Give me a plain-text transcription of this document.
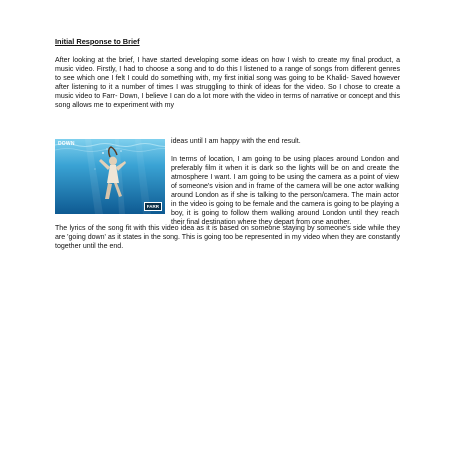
Initial Response to Brief
After looking at the brief, I have started developing some ideas on how I wish to create my final product, a music video. Firstly, I had to choose a song and to do this I listened to a range of songs from different genres to see which one I felt I could do something with, my first initial song was going to be Khalid- Saved however after listening to it a number of times I was struggling to think of ideas for the video. So I chose to create a music video to Farr- Down, I believe I can do a lot more with the video in terms of narrative or concept and this song allows me to experiment with my
ideas until I am happy with the end result.
DOWN
FARR
In terms of location, I am going to be using places around London and preferably film it when it is dark so the lights will be on and create the atmosphere I want. I am going to be using the camera as a point of view of someone's vision and in frame of the camera will be one actor walking around London as if she is talking to the person/camera. The main actor in the video is going to be female and the camera is going to be playing a boy, it is going to follow them walking around London until they reach their final destination where they depart from one another.
The lyrics of the song fit with this video idea as it is based on someone staying by someone's side while they are 'going down' as it states in the song. This is going too be represented in my video when they are constantly together until the end.
